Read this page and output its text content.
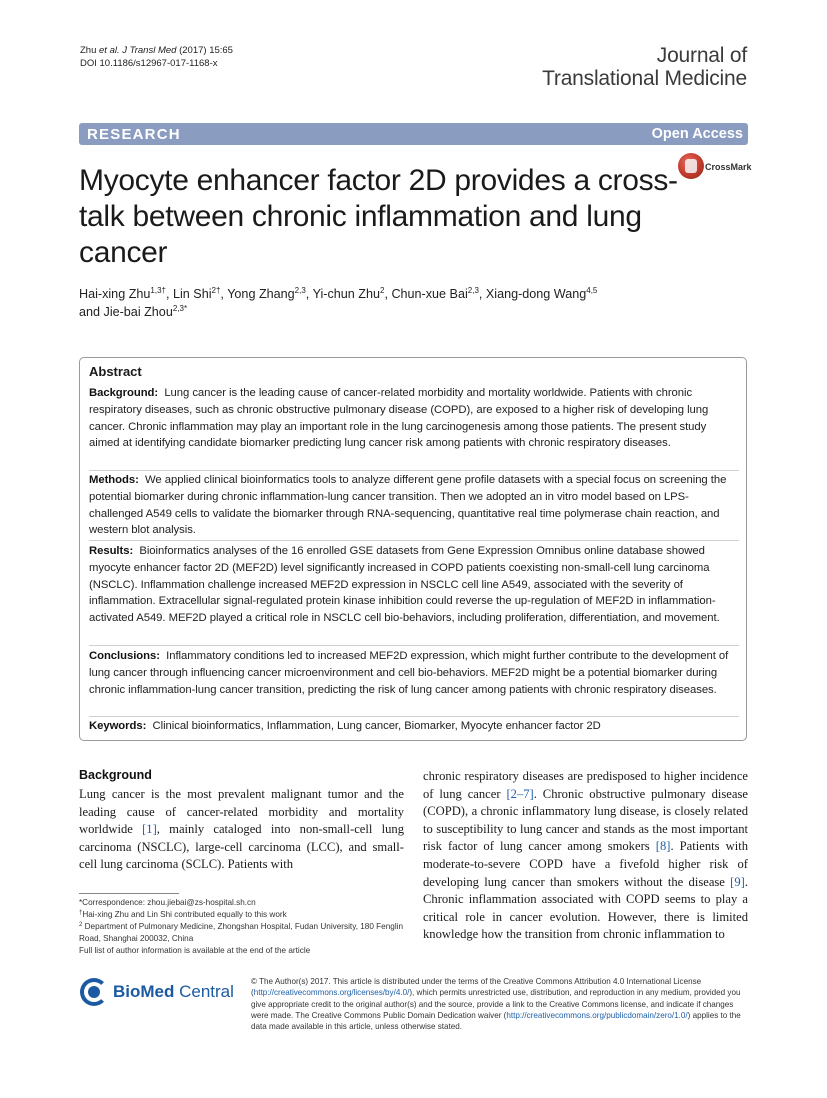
Zhu et al. J Transl Med (2017) 15:65
DOI 10.1186/s12967-017-1168-x	Journal of
Translational Medicine
RESEARCH	Open Access
CrossMark
Myocyte enhancer factor 2D provides a cross-talk between chronic inflammation and lung cancer
Hai-xing Zhu$^{1,3\dagger}$, Lin Shi$^{2\dagger}$, Yong Zhang$^{2,3}$, Yi-chun Zhu$^2$, Chun-xue Bai$^{2,3}$, Xiang-dong Wang$^{4,5}$
and Jie-bai Zhou$^{2,3*}$
Abstract
Background: Lung cancer is the leading cause of cancer-related morbidity and mortality worldwide. Patients with chronic respiratory diseases, such as chronic obstructive pulmonary disease (COPD), are exposed to a higher risk of developing lung cancer. Chronic inflammation may play an important role in the lung carcinogenesis among those patients. The present study aimed at identifying candidate biomarker predicting lung cancer risk among patients with chronic respiratory diseases.
Methods: We applied clinical bioinformatics tools to analyze different gene profile datasets with a special focus on screening the potential biomarker during chronic inflammation-lung cancer transition. Then we adopted an in vitro model based on LPS-challenged A549 cells to validate the biomarker through RNA-sequencing, quantitative real time polymerase chain reaction, and western blot analysis.
Results: Bioinformatics analyses of the 16 enrolled GSE datasets from Gene Expression Omnibus online database showed myocyte enhancer factor 2D (MEF2D) level significantly increased in COPD patients coexisting non-small-cell lung carcinoma (NSCLC). Inflammation challenge increased MEF2D expression in NSCLC cell line A549, associated with the severity of inflammation. Extracellular signal-regulated protein kinase inhibition could reverse the up-regulation of MEF2D in inflammation-activated A549. MEF2D played a critical role in NSCLC cell bio-behaviors, including proliferation, differentiation, and movement.
Conclusions: Inflammatory conditions led to increased MEF2D expression, which might further contribute to the development of lung cancer through influencing cancer microenvironment and cell bio-behaviors. MEF2D might be a potential biomarker during chronic inflammation-lung cancer transition, predicting the risk of lung cancer among patients with chronic respiratory diseases.
Keywords: Clinical bioinformatics, Inflammation, Lung cancer, Biomarker, Myocyte enhancer factor 2D
Background
Lung cancer is the most prevalent malignant tumor and the leading cause of cancer-related morbidity and mortality worldwide [1], mainly cataloged into non-small-cell lung carcinoma (NSCLC), large-cell carcinoma (LCC), and small-cell lung carcinoma (SCLC). Patients with
chronic respiratory diseases are predisposed to higher incidence of lung cancer [2–7]. Chronic obstructive pulmonary disease (COPD), a chronic inflammatory lung disease, is closely related to susceptibility to lung cancer and stands as the most important risk factor of lung cancer among smokers [8]. Patients with moderate-to-severe COPD have a fivefold higher risk of developing lung cancer than smokers without the disease [9]. Chronic inflammation associated with COPD seems to play a critical role in cancer evolution. However, there is limited knowledge how the transition from chronic inflammation to

*Correspondence: zhou.jiebai@zs-hospital.sh.cn

†Hai-xing Zhu and Lin Shi contributed equally to this work

$^2$ Department of Pulmonary Medicine, Zhongshan Hospital, Fudan University, 180 Fenglin Road, Shanghai 200032, China

Full list of author information is available at the end of the article

BioMed Central
© The Author(s) 2017. This article is distributed under the terms of the Creative Commons Attribution 4.0 International License (http://creativecommons.org/licenses/by/4.0/), which permits unrestricted use, distribution, and reproduction in any medium, provided you give appropriate credit to the original author(s) and the source, provide a link to the Creative Commons license, and indicate if changes were made. The Creative Commons Public Domain Dedication waiver (http://creativecommons.org/publicdomain/zero/1.0/) applies to the data made available in this article, unless otherwise stated.
